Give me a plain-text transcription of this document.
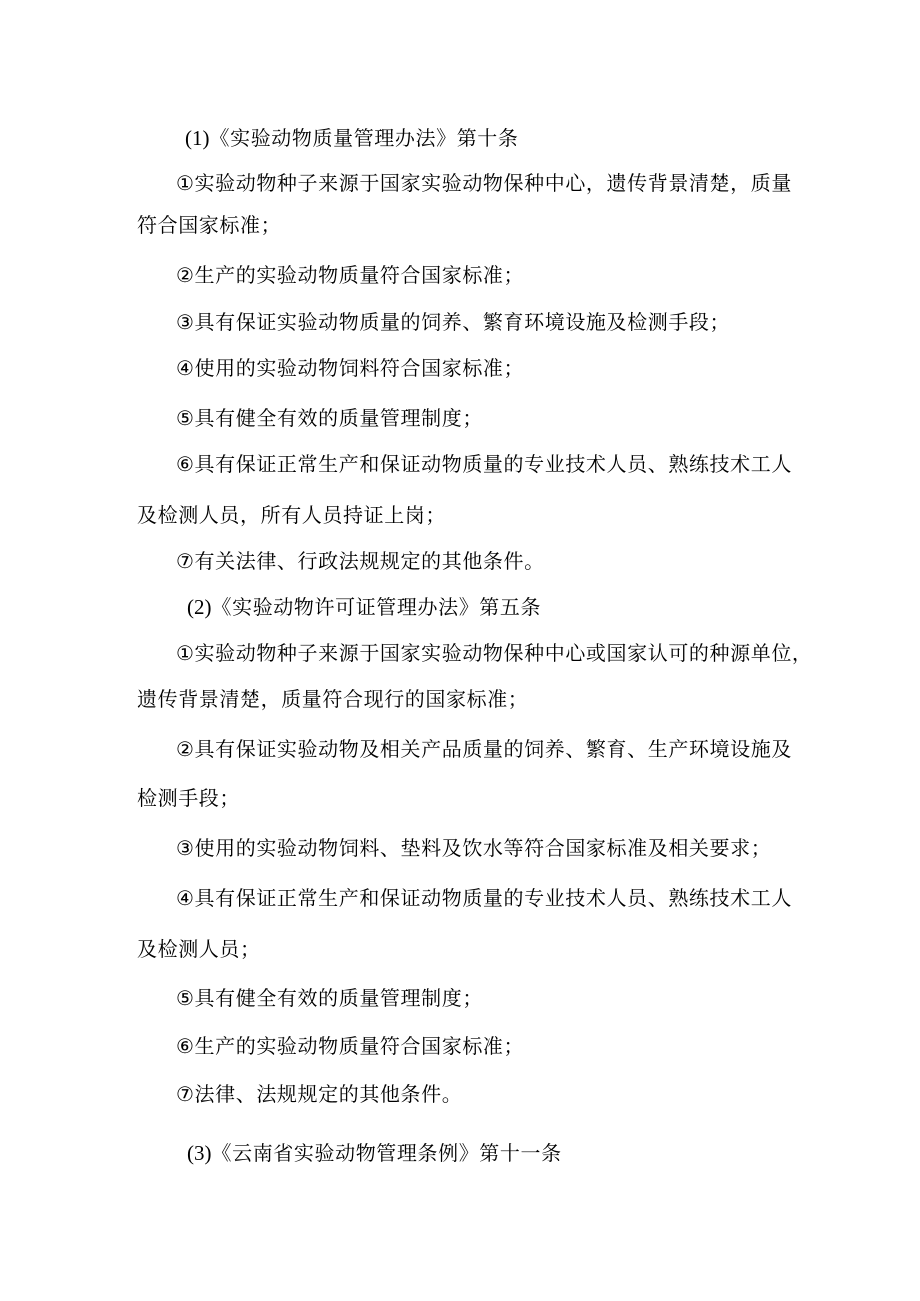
(1)《实验动物质量管理办法》第十条
①实验动物种子来源于国家实验动物保种中心，遗传背景清楚，质量
符合国家标准；
②生产的实验动物质量符合国家标准；
③具有保证实验动物质量的饲养、繁育环境设施及检测手段；
④使用的实验动物饲料符合国家标准；
⑤具有健全有效的质量管理制度；
⑥具有保证正常生产和保证动物质量的专业技术人员、熟练技术工人
及检测人员，所有人员持证上岗；
⑦有关法律、行政法规规定的其他条件。
(2)《实验动物许可证管理办法》第五条
①实验动物种子来源于国家实验动物保种中心或国家认可的种源单位，
遗传背景清楚，质量符合现行的国家标准；
②具有保证实验动物及相关产品质量的饲养、繁育、生产环境设施及
检测手段；
③使用的实验动物饲料、垫料及饮水等符合国家标准及相关要求；
④具有保证正常生产和保证动物质量的专业技术人员、熟练技术工人
及检测人员；
⑤具有健全有效的质量管理制度；
⑥生产的实验动物质量符合国家标准；
⑦法律、法规规定的其他条件。
(3)《云南省实验动物管理条例》第十一条
